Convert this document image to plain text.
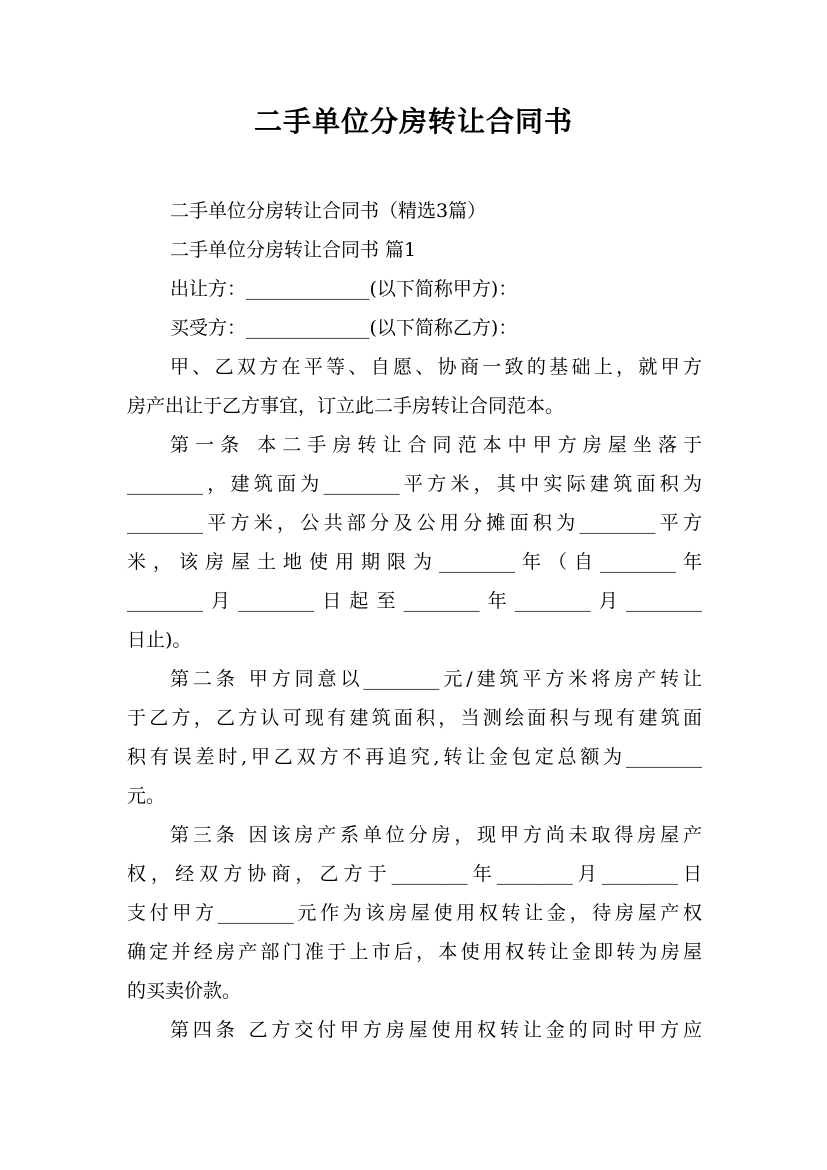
二手单位分房转让合同书
二手单位分房转让合同书（精选3篇）
二手单位分房转让合同书 篇1
出让方：_____________(以下简称甲方)：
买受方：_____________(以下简称乙方)：
甲、乙双方在平等、自愿、协商一致的基础上，就甲方
房产出让于乙方事宜，订立此二手房转让合同范本。
第一条 本二手房转让合同范本中甲方房屋坐落于
________，建筑面为________平方米，其中实际建筑面积为
________平方米，公共部分及公用分摊面积为________平方
米，该房屋土地使用期限为________年（自________年
________月________日起至________年________月________
日止)。
第二条 甲方同意以________元/建筑平方米将房产转让
于乙方，乙方认可现有建筑面积，当测绘面积与现有建筑面
积有误差时,甲乙双方不再追究,转让金包定总额为________
元。
第三条 因该房产系单位分房，现甲方尚未取得房屋产
权，经双方协商，乙方于________年________月________日
支付甲方________元作为该房屋使用权转让金，待房屋产权
确定并经房产部门准于上市后，本使用权转让金即转为房屋
的买卖价款。
第四条 乙方交付甲方房屋使用权转让金的同时甲方应
